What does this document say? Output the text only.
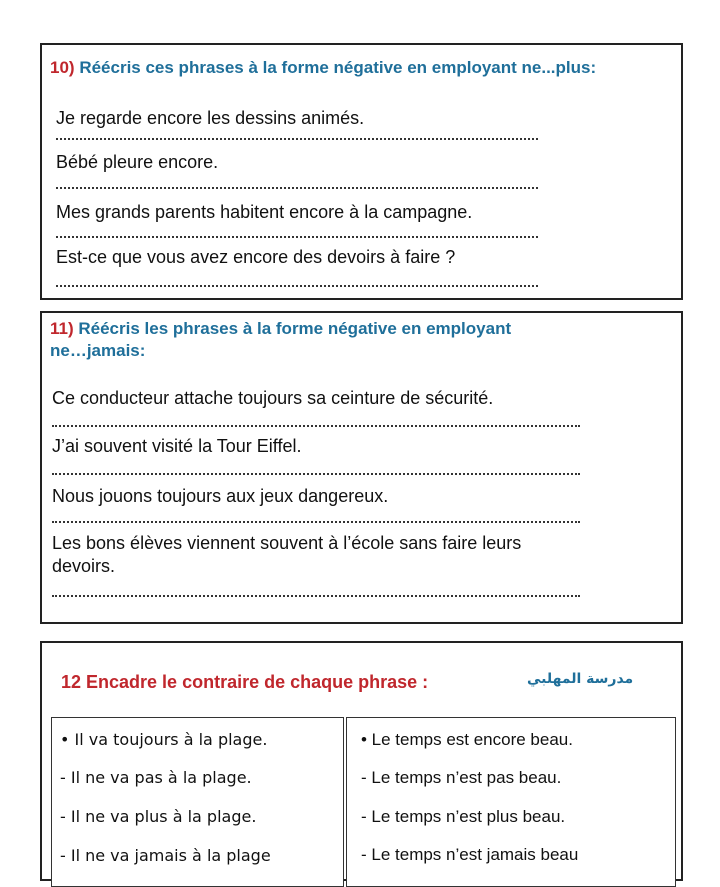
10) Réécris ces phrases à la forme négative en employant ne...plus:
Je regarde encore les dessins animés.
Bébé pleure encore.
Mes grands parents habitent encore à la campagne.
Est-ce que vous avez encore des devoirs à faire ?
11) Réécris les phrases à la forme négative en employant
ne…jamais:
Ce conducteur attache toujours sa ceinture de sécurité.
J’ai souvent visité la Tour Eiffel.
Nous jouons toujours aux jeux dangereux.
Les bons élèves viennent souvent à l’école sans faire leurs
devoirs.
12 Encadre le contraire de chaque phrase :	مدرسة المهلبي
• Il va toujours à la plage.
- Il ne va pas à la plage.
- Il ne va plus à la plage.
- Il ne va jamais à la plage
• Le temps est encore beau.
- Le temps n’est pas beau.
- Le temps n’est plus beau.
- Le temps n’est jamais beau
